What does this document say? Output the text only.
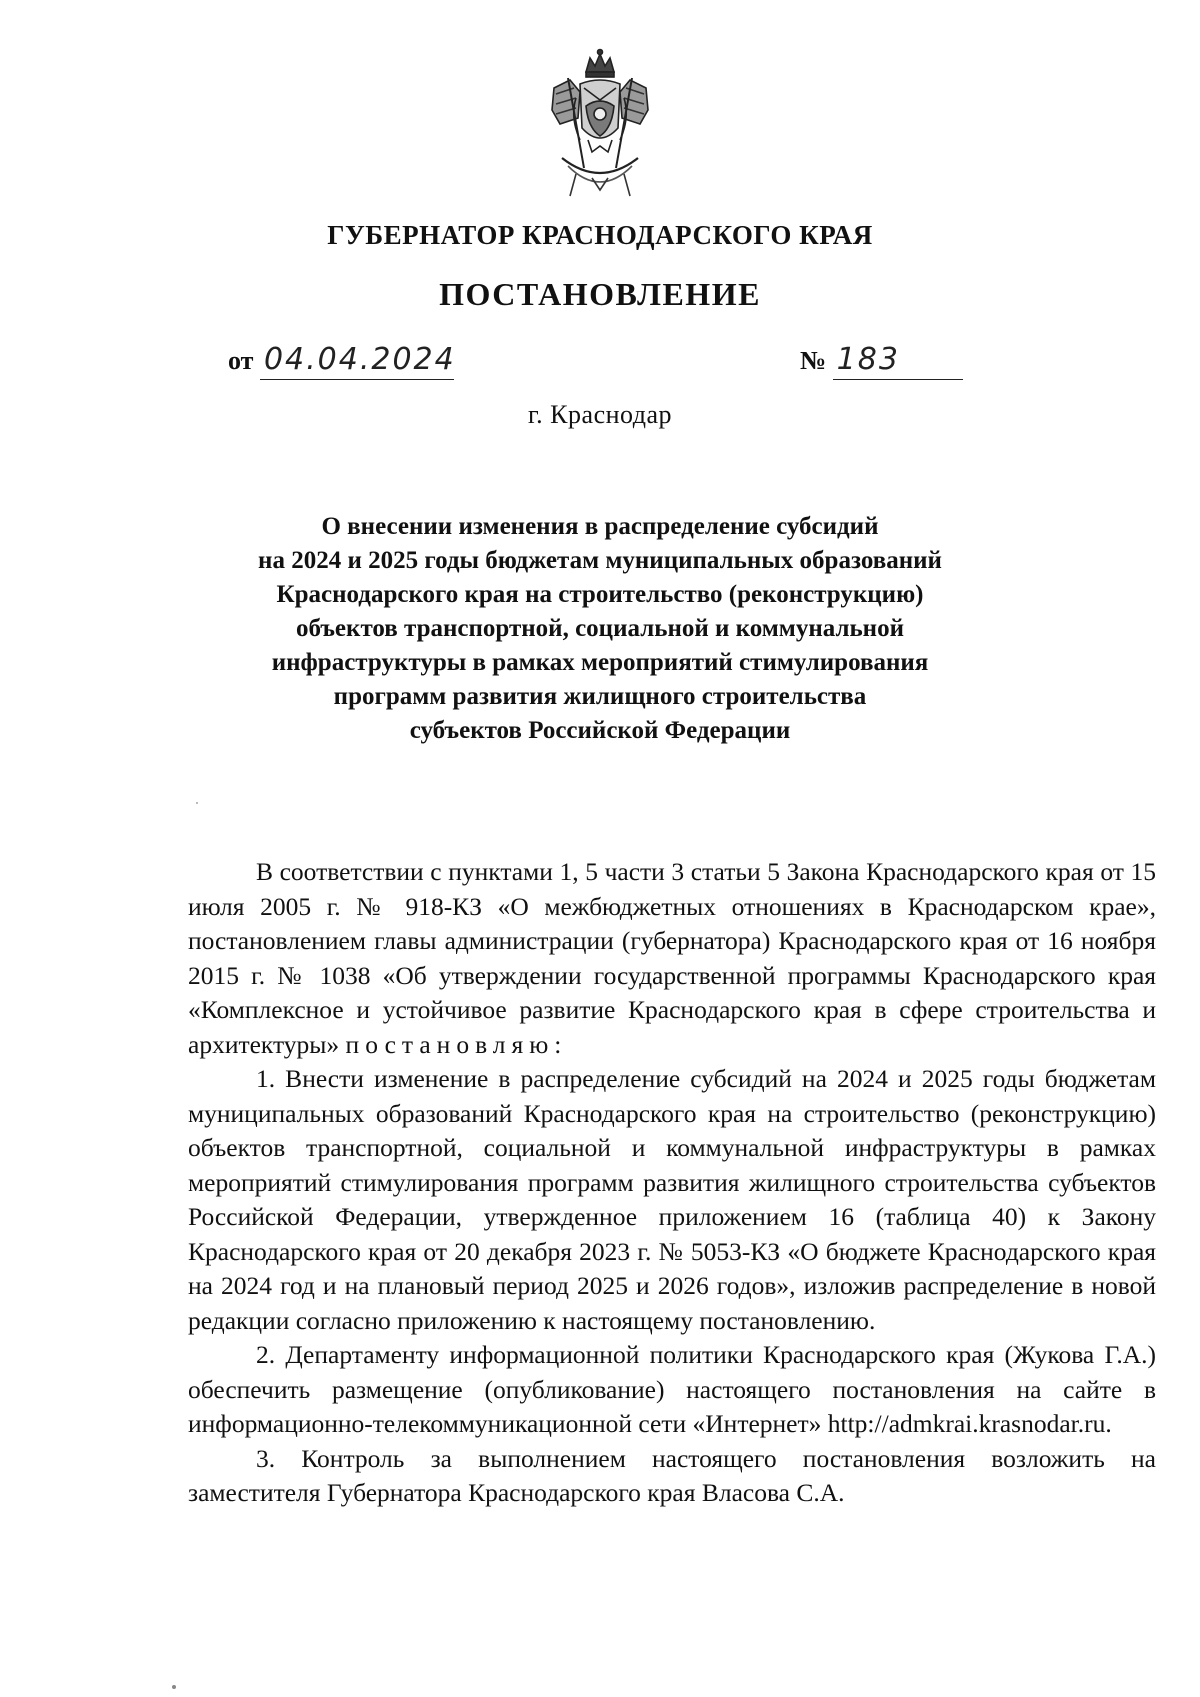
ГУБЕРНАТОР КРАСНОДАРСКОГО КРАЯ
ПОСТАНОВЛЕНИЕ
от 04.04.2024	№ 183
г. Краснодар
О внесении изменения в распределение субсидий
на 2024 и 2025 годы бюджетам муниципальных образований
Краснодарского края на строительство (реконструкцию)
объектов транспортной, социальной и коммунальной
инфраструктуры в рамках мероприятий стимулирования
программ развития жилищного строительства
субъектов Российской Федерации

В соответствии с пунктами 1, 5 части 3 статьи 5 Закона Краснодарского края от 15 июля 2005 г. № 918-КЗ «О межбюджетных отношениях в Краснодарском крае», постановлением главы администрации (губернатора) Краснодарского края от 16 ноября 2015 г. № 1038 «Об утверждении государственной программы Краснодарского края «Комплексное и устойчивое развитие Краснодарского края в сфере строительства и архитектуры» постановляю:

1. Внести изменение в распределение субсидий на 2024 и 2025 годы бюджетам муниципальных образований Краснодарского края на строительство (реконструкцию) объектов транспортной, социальной и коммунальной инфраструктуры в рамках мероприятий стимулирования программ развития жилищного строительства субъектов Российской Федерации, утвержденное приложением 16 (таблица 40) к Закону Краснодарского края от 20 декабря 2023 г. № 5053-КЗ «О бюджете Краснодарского края на 2024 год и на плановый период 2025 и 2026 годов», изложив распределение в новой редакции согласно приложению к настоящему постановлению.

2. Департаменту информационной политики Краснодарского края (Жукова Г.А.) обеспечить размещение (опубликование) настоящего постановления на сайте в информационно-телекоммуникационной сети «Интернет» http://admkrai.krasnodar.ru.

3. Контроль за выполнением настоящего постановления возложить на заместителя Губернатора Краснодарского края Власова С.А.
